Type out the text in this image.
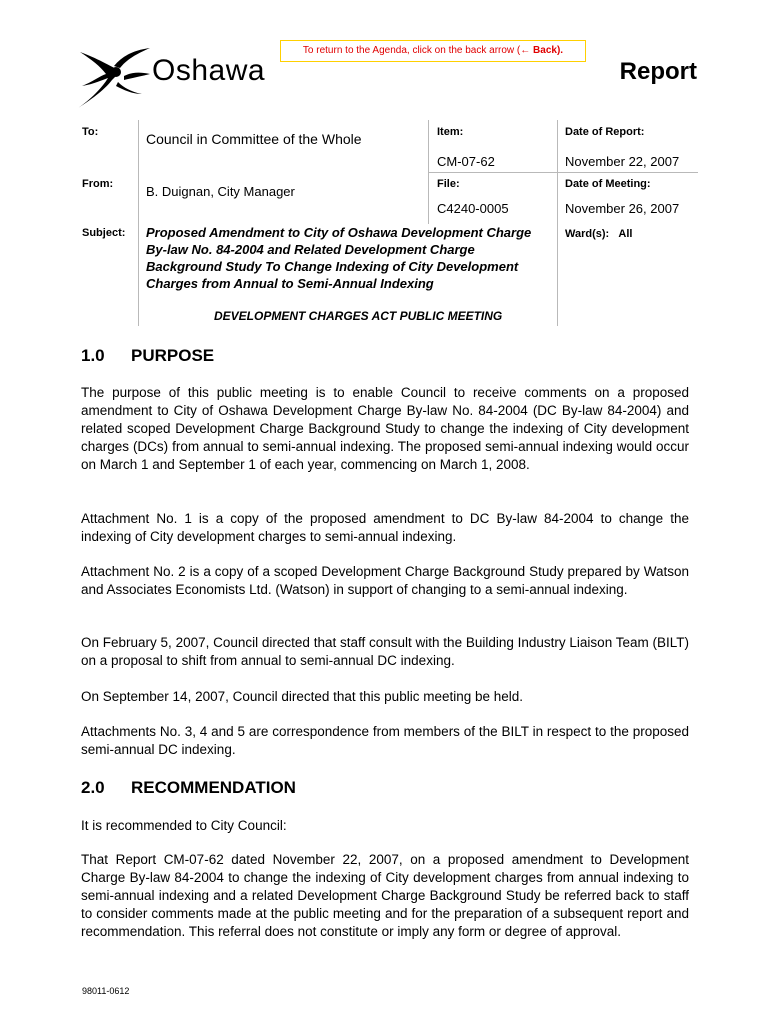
To return to the Agenda, click on the back arrow (← Back).
Oshawa	Report
To:	Council in Committee of the Whole
From:	B. Duignan, City Manager
Subject: Proposed Amendment to City of Oshawa Development Charge By-law No. 84-2004 and Related Development Charge Background Study To Change Indexing of City Development Charges from Annual to Semi-Annual Indexing
DEVELOPMENT CHARGES ACT PUBLIC MEETING
Item:
CM-07-62
File:
C4240-0005
Date of Report:
November 22, 2007
Date of Meeting:
November 26, 2007
Ward(s): All
1.0 PURPOSE
The purpose of this public meeting is to enable Council to receive comments on a proposed amendment to City of Oshawa Development Charge By-law No. 84-2004 (DC By-law 84-2004) and related scoped Development Charge Background Study to change the indexing of City development charges (DCs) from annual to semi-annual indexing. The proposed semi-annual indexing would occur on March 1 and September 1 of each year, commencing on March 1, 2008.
Attachment No. 1 is a copy of the proposed amendment to DC By-law 84-2004 to change the indexing of City development charges to semi-annual indexing.
Attachment No. 2 is a copy of a scoped Development Charge Background Study prepared by Watson and Associates Economists Ltd. (Watson) in support of changing to a semi-annual indexing.
On February 5, 2007, Council directed that staff consult with the Building Industry Liaison Team (BILT) on a proposal to shift from annual to semi-annual DC indexing.
On September 14, 2007, Council directed that this public meeting be held.
Attachments No. 3, 4 and 5 are correspondence from members of the BILT in respect to the proposed semi-annual DC indexing.
2.0 RECOMMENDATION
It is recommended to City Council:
That Report CM-07-62 dated November 22, 2007, on a proposed amendment to Development Charge By-law 84-2004 to change the indexing of City development charges from annual indexing to semi-annual indexing and a related Development Charge Background Study be referred back to staff to consider comments made at the public meeting and for the preparation of a subsequent report and recommendation. This referral does not constitute or imply any form or degree of approval.
98011-0612
